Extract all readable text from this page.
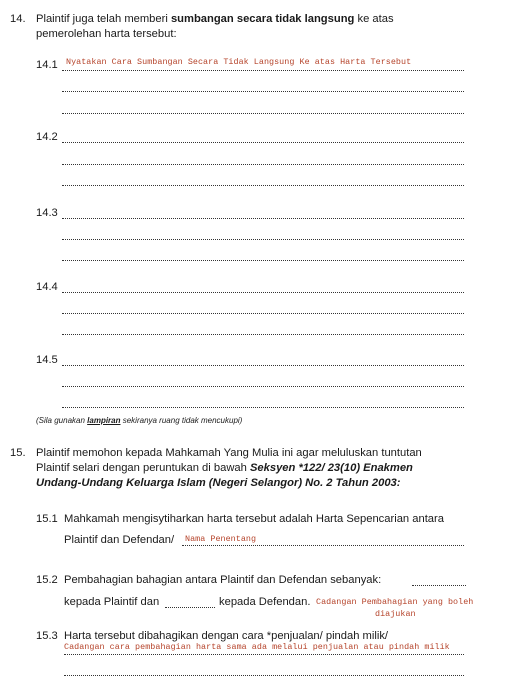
14. Plaintif juga telah memberi sumbangan secara tidak langsung ke atas
pemerolehan harta tersebut:
14.1 Nyatakan Cara Sumbangan Secara Tidak Langsung Ke atas Harta Tersebut
14.2
14.3
14.4
14.5
(Sila gunakan lampiran sekiranya ruang tidak mencukupi)
15. Plaintif memohon kepada Mahkamah Yang Mulia ini agar meluluskan tuntutan
Plaintif selari dengan peruntukan di bawah Seksyen *122/ 23(10) Enakmen
Undang-Undang Keluarga Islam (Negeri Selangor) No. 2 Tahun 2003:
15.1 Mahkamah mengisytiharkan harta tersebut adalah Harta Sepencarian antara
Plaintif dan Defendan/ Nama Penentang
15.2 Pembahagian bahagian antara Plaintif dan Defendan sebanyak:
kepada Plaintif dan	kepada Defendan. Cadangan Pembahagian yang boleh
diajukan
15.3 Harta tersebut dibahagikan dengan cara *penjualan/ pindah milik/
Cadangan cara pembahagian harta sama ada melalui penjualan atau pindah milik
